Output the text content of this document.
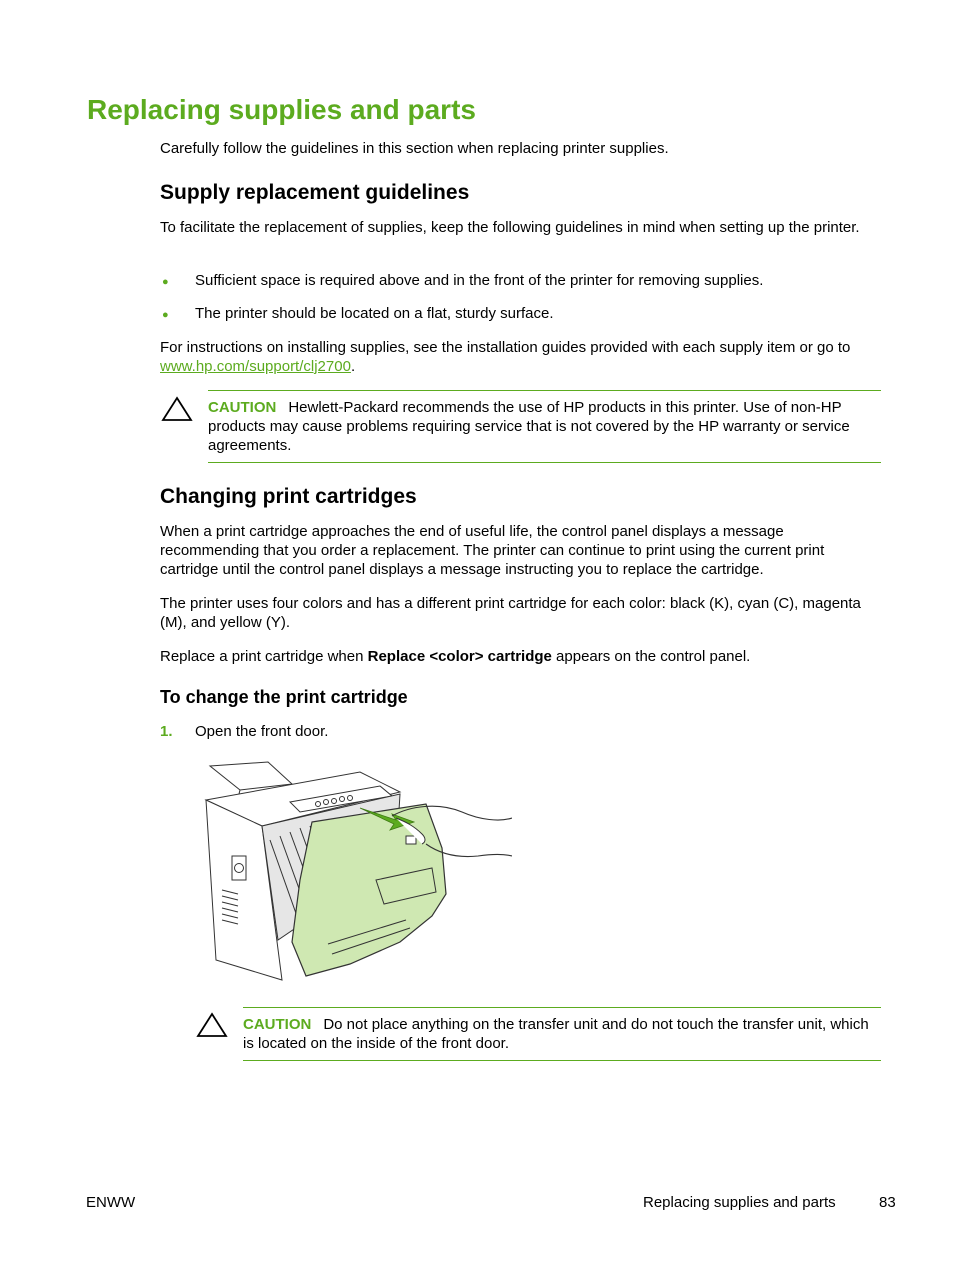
Replacing supplies and parts
Carefully follow the guidelines in this section when replacing printer supplies.
Supply replacement guidelines
To facilitate the replacement of supplies, keep the following guidelines in mind when setting up the printer.
● Sufficient space is required above and in the front of the printer for removing supplies.
● The printer should be located on a flat, sturdy surface.
For instructions on installing supplies, see the installation guides provided with each supply item or go to www.hp.com/support/clj2700.
CAUTION Hewlett-Packard recommends the use of HP products in this printer. Use of non-HP products may cause problems requiring service that is not covered by the HP warranty or service agreements.
Changing print cartridges
When a print cartridge approaches the end of useful life, the control panel displays a message recommending that you order a replacement. The printer can continue to print using the current print cartridge until the control panel displays a message instructing you to replace the cartridge.
The printer uses four colors and has a different print cartridge for each color: black (K), cyan (C), magenta (M), and yellow (Y).
Replace a print cartridge when Replace <color> cartridge appears on the control panel.
To change the print cartridge
1. Open the front door.
CAUTION Do not place anything on the transfer unit and do not touch the transfer unit, which is located on the inside of the front door.
ENWW	Replacing supplies and parts	83
